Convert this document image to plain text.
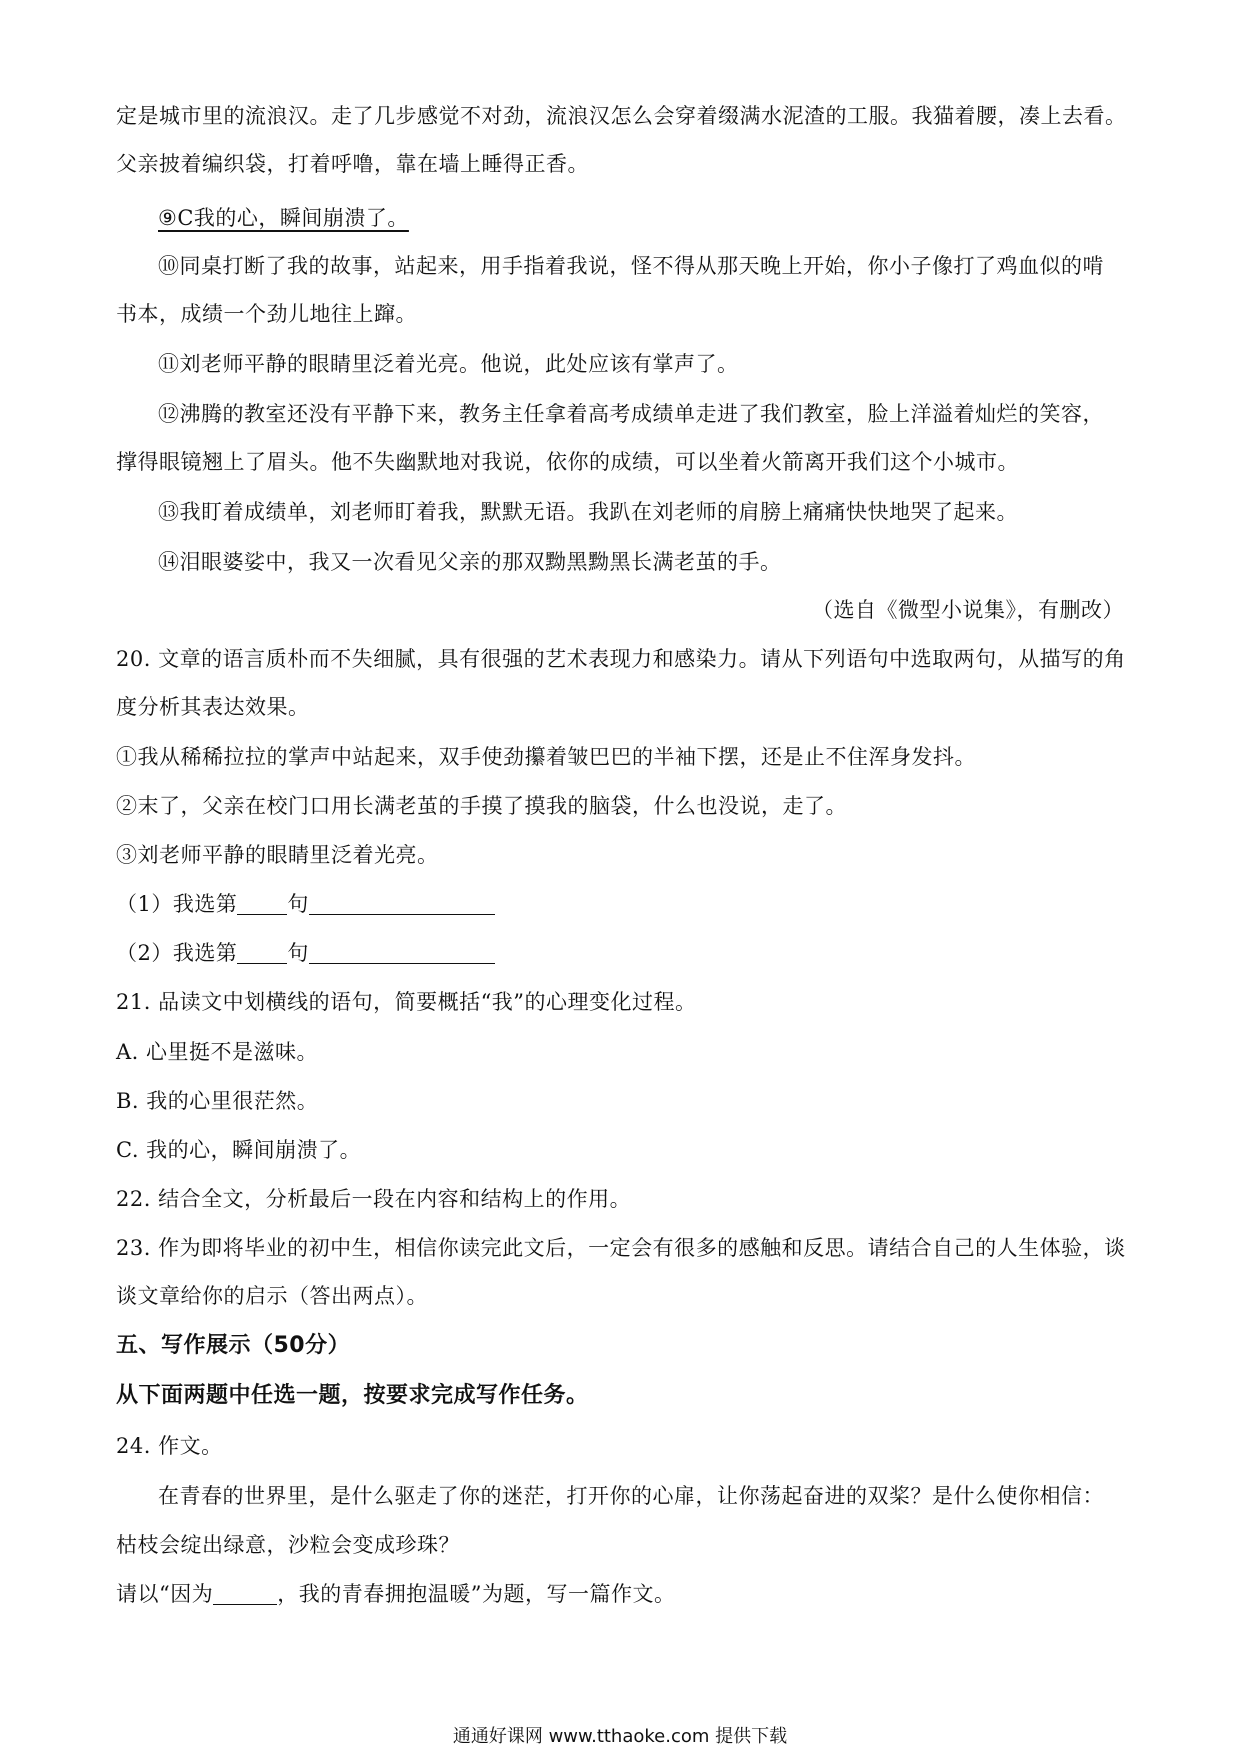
定是城市里的流浪汉。走了几步感觉不对劲，流浪汉怎么会穿着缀满水泥渣的工服。我猫着腰，凑上去看。
父亲披着编织袋，打着呼噜，靠在墙上睡得正香。
⑨C我的心，瞬间崩溃了。
⑩同桌打断了我的故事，站起来，用手指着我说，怪不得从那天晚上开始，你小子像打了鸡血似的啃
书本，成绩一个劲儿地往上蹿。
⑪刘老师平静的眼睛里泛着光亮。他说，此处应该有掌声了。
⑫沸腾的教室还没有平静下来，教务主任拿着高考成绩单走进了我们教室，脸上洋溢着灿烂的笑容，
撑得眼镜翘上了眉头。他不失幽默地对我说，依你的成绩，可以坐着火箭离开我们这个小城市。
⑬我盯着成绩单，刘老师盯着我，默默无语。我趴在刘老师的肩膀上痛痛快快地哭了起来。
⑭泪眼婆娑中，我又一次看见父亲的那双黝黑黝黑长满老茧的手。
（选自《微型小说集》，有删改）
20. 文章的语言质朴而不失细腻，具有很强的艺术表现力和感染力。请从下列语句中选取两句，从描写的角
度分析其表达效果。
①我从稀稀拉拉的掌声中站起来，双手使劲攥着皱巴巴的半袖下摆，还是止不住浑身发抖。
②末了，父亲在校门口用长满老茧的手摸了摸我的脑袋，什么也没说，走了。
③刘老师平静的眼睛里泛着光亮。
（1）我选第 句
（2）我选第 句
21. 品读文中划横线的语句，简要概括“我”的心理变化过程。
A. 心里挺不是滋味。
B. 我的心里很茫然。
C. 我的心，瞬间崩溃了。
22. 结合全文，分析最后一段在内容和结构上的作用。
23. 作为即将毕业的初中生，相信你读完此文后，一定会有很多的感触和反思。请结合自己的人生体验，谈
谈文章给你的启示（答出两点）。
五、写作展示（50分）
从下面两题中任选一题，按要求完成写作任务。
24. 作文。
在青春的世界里，是什么驱走了你的迷茫，打开你的心扉，让你荡起奋进的双桨？是什么使你相信：
枯枝会绽出绿意，沙粒会变成珍珠？
请以“因为	，我的青春拥抱温暖”为题，写一篇作文。
通通好课网 www.tthaoke.com 提供下载
